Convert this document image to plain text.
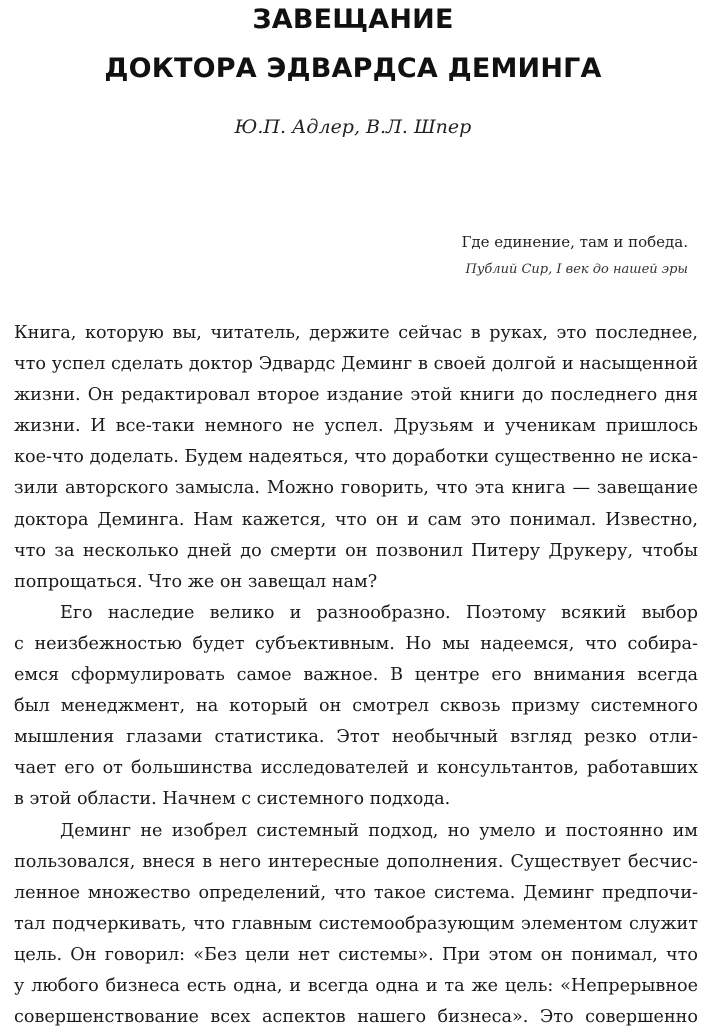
ЗАВЕЩАНИЕ
ДОКТОРА ЭДВАРДСА ДЕМИНГА
Ю.П. Адлер, В.Л. Шпер
Где единение, там и победа.
Публий Сир, I век до нашей эры
Книга, которую вы, читатель, держите сейчас в руках, это последнее,
что успел сделать доктор Эдвардс Деминг в своей долгой и насыщенной
жизни. Он редактировал второе издание этой книги до последнего дня
жизни. И все-таки немного не успел. Друзьям и ученикам пришлось
кое-что доделать. Будем надеяться, что доработки существенно не иска-
зили авторского замысла. Можно говорить, что эта книга — завещание
доктора Деминга. Нам кажется, что он и сам это понимал. Известно,
что за несколько дней до смерти он позвонил Питеру Друкеру, чтобы
попрощаться. Что же он завещал нам?
Его наследие велико и разнообразно. Поэтому всякий выбор
с неизбежностью будет субъективным. Но мы надеемся, что собира-
емся сформулировать самое важное. В центре его внимания всегда
был менеджмент, на который он смотрел сквозь призму системного
мышления глазами статистика. Этот необычный взгляд резко отли-
чает его от большинства исследователей и консультантов, работавших
в этой области. Начнем с системного подхода.
Деминг не изобрел системный подход, но умело и постоянно им
пользовался, внеся в него интересные дополнения. Существует бесчис-
ленное множество определений, что такое система. Деминг предпочи-
тал подчеркивать, что главным системообразующим элементом служит
цель. Он говорил: «Без цели нет системы». При этом он понимал, что
у любого бизнеса есть одна, и всегда одна и та же цель: «Непрерывное
совершенствование всех аспектов нашего бизнеса». Это совершенно
